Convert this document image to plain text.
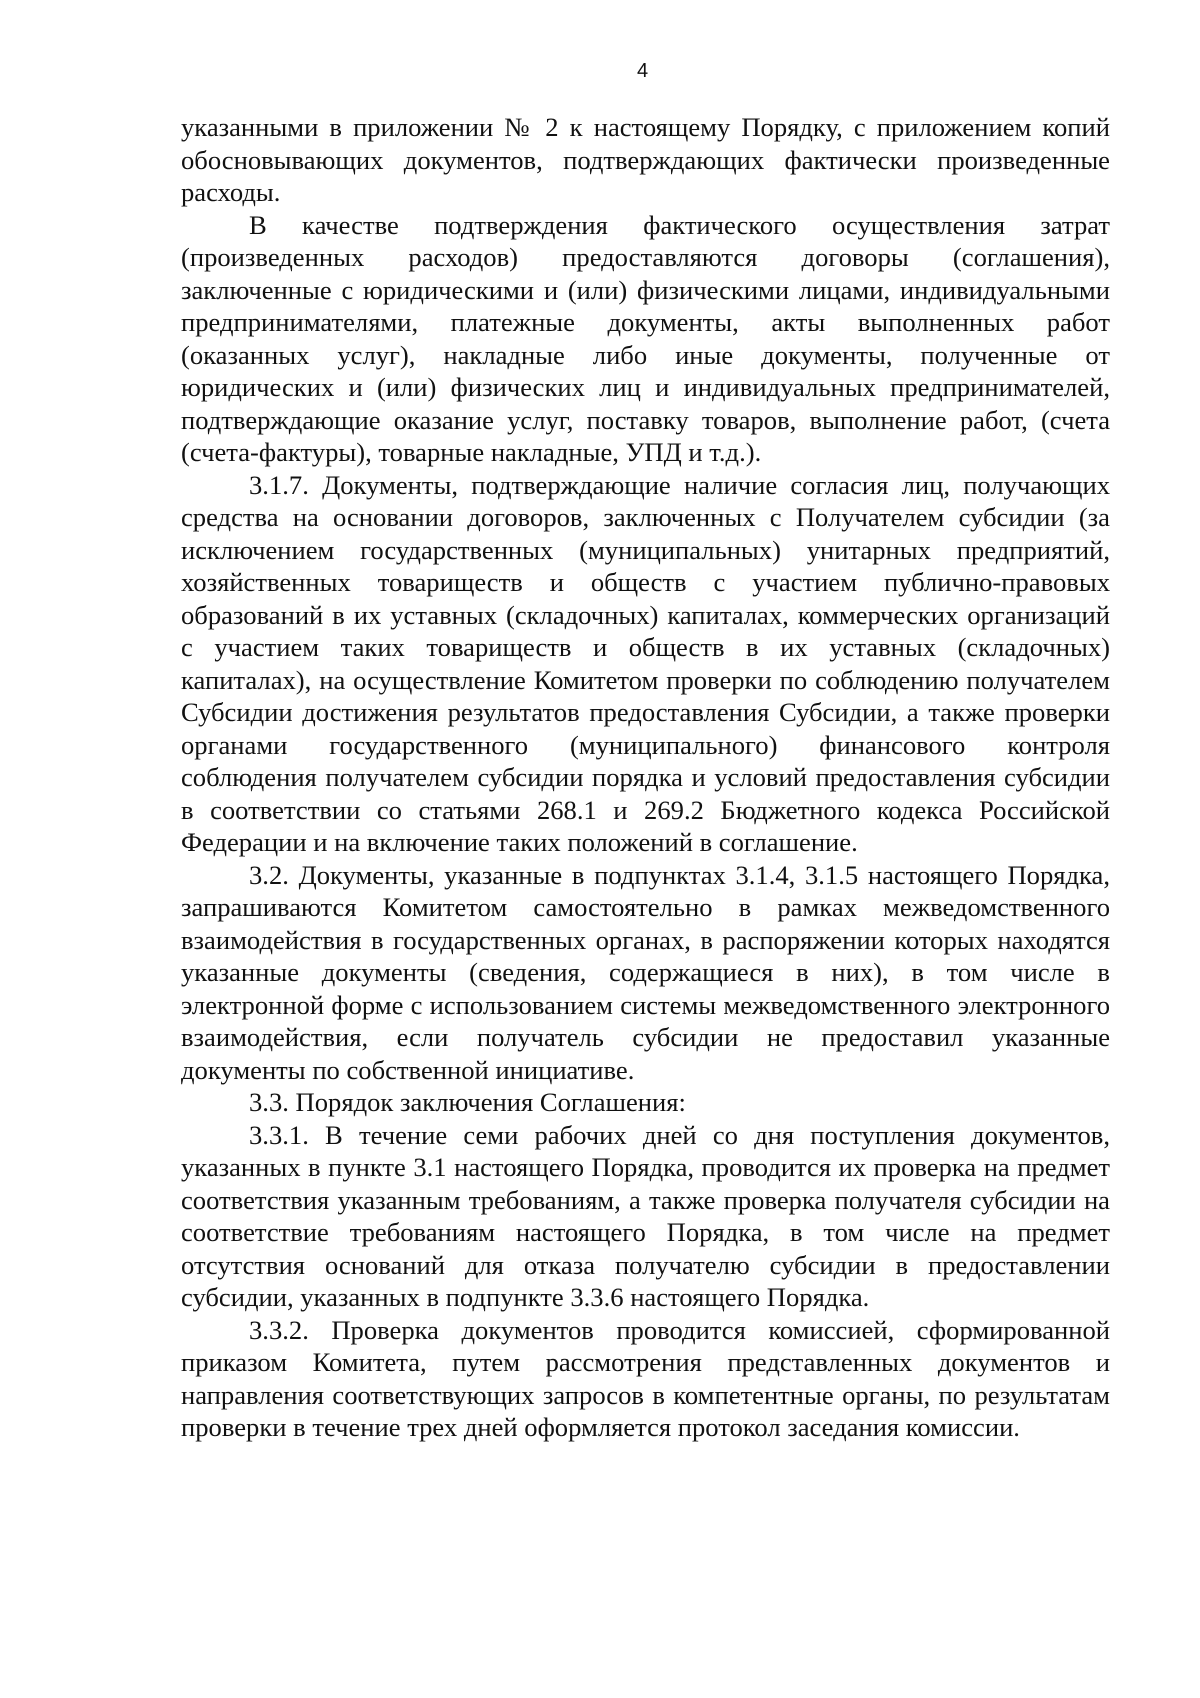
4

указанными в приложении № 2 к настоящему Порядку, с приложением копий обосновывающих документов, подтверждающих фактически произведенные расходы.

В качестве подтверждения фактического осуществления затрат (произведенных расходов) предоставляются договоры (соглашения), заключенные с юридическими и (или) физическими лицами, индивидуальными предпринимателями, платежные документы, акты выполненных работ (оказанных услуг), накладные либо иные документы, полученные от юридических и (или) физических лиц и индивидуальных предпринимателей, подтверждающие оказание услуг, поставку товаров, выполнение работ, (счета (счета-фактуры), товарные накладные, УПД и т.д.).

3.1.7. Документы, подтверждающие наличие согласия лиц, получающих средства на основании договоров, заключенных с Получателем субсидии (за исключением государственных (муниципальных) унитарных предприятий, хозяйственных товариществ и обществ с участием публично-правовых образований в их уставных (складочных) капиталах, коммерческих организаций с участием таких товариществ и обществ в их уставных (складочных) капиталах), на осуществление Комитетом проверки по соблюдению получателем Субсидии достижения результатов предоставления Субсидии, а также проверки органами государственного (муниципального) финансового контроля соблюдения получателем субсидии порядка и условий предоставления субсидии в соответствии со статьями 268.1 и 269.2 Бюджетного кодекса Российской Федерации и на включение таких положений в соглашение.

3.2. Документы, указанные в подпунктах 3.1.4, 3.1.5 настоящего Порядка, запрашиваются Комитетом самостоятельно в рамках межведомственного взаимодействия в государственных органах, в распоряжении которых находятся указанные документы (сведения, содержащиеся в них), в том числе в электронной форме с использованием системы межведомственного электронного взаимодействия, если получатель субсидии не предоставил указанные документы по собственной инициативе.

3.3. Порядок заключения Соглашения:

3.3.1. В течение семи рабочих дней со дня поступления документов, указанных в пункте 3.1 настоящего Порядка, проводится их проверка на предмет соответствия указанным требованиям, а также проверка получателя субсидии на соответствие требованиям настоящего Порядка, в том числе на предмет отсутствия оснований для отказа получателю субсидии в предоставлении субсидии, указанных в подпункте 3.3.6 настоящего Порядка.

3.3.2. Проверка документов проводится комиссией, сформированной приказом Комитета, путем рассмотрения представленных документов и направления соответствующих запросов в компетентные органы, по результатам проверки в течение трех дней оформляется протокол заседания комиссии.
